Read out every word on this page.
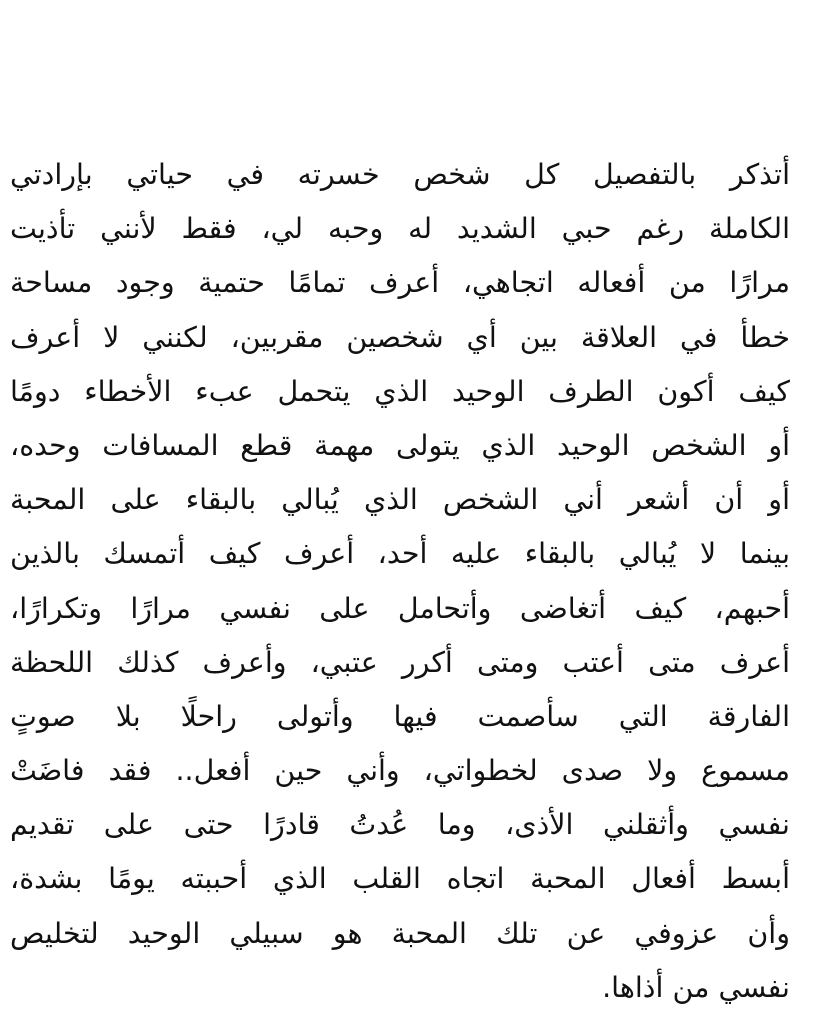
أتذكر بالتفصيل كل شخص خسرته في حياتي بإرادتي
الكاملة رغم حبي الشديد له وحبه لي، فقط لأنني تأذيت
مرارًا من أفعاله اتجاهي، أعرف تمامًا حتمية وجود مساحة
خطأ في العلاقة بين أي شخصين مقربين، لكنني لا أعرف
كيف أكون الطرف الوحيد الذي يتحمل عبء الأخطاء دومًا
أو الشخص الوحيد الذي يتولى مهمة قطع المسافات وحده،
أو أن أشعر أني الشخص الذي يُبالي بالبقاء على المحبة
بينما لا يُبالي بالبقاء عليه أحد، أعرف كيف أتمسك بالذين
أحبهم، كيف أتغاضى وأتحامل على نفسي مرارًا وتكرارًا،
أعرف متى أعتب ومتى أكرر عتبي، وأعرف كذلك اللحظة
الفارقة التي سأصمت فيها وأتولى راحلًا بلا صوتٍ
مسموع ولا صدى لخطواتي، وأني حين أفعل.. فقد فاضَتْ
نفسي وأثقلني الأذى، وما عُدتُ قادرًا حتى على تقديم
أبسط أفعال المحبة اتجاه القلب الذي أحببته يومًا بشدة،
وأن عزوفي عن تلك المحبة هو سبيلي الوحيد لتخليص
نفسي من أذاها.
